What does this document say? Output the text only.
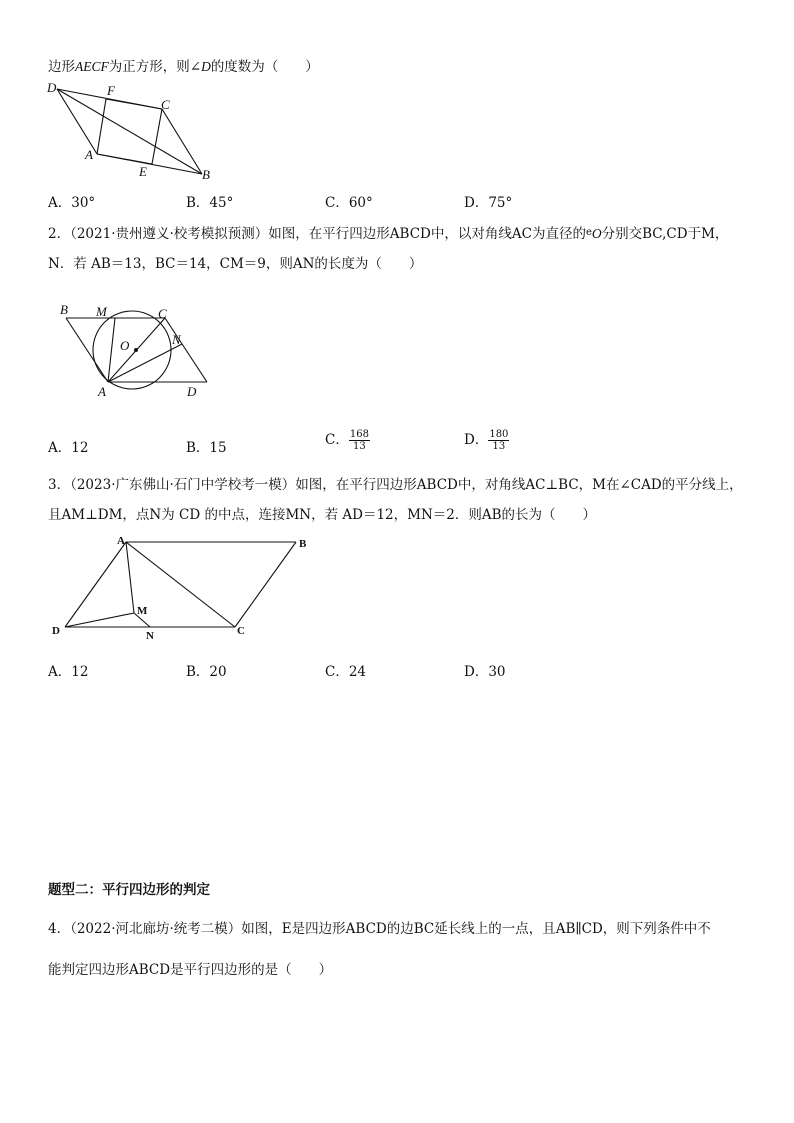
边形AECF为正方形，则∠D的度数为（　　）
D	F
C
A
E	B
A．30°	B．45°	C．60°	D．75°
2．（2021·贵州遵义·校考模拟预测）如图，在平行四边形ABCD中，以对角线AC为直径的$^e$O分别交BC,CD于M，
N．若 AB＝13，BC＝14，CM＝9，则AN的长度为（　　）
B M	C
O	N
A	D
A．12	B．15	C． $\frac{168}{13}$	D． $\frac{180}{13}$
3．（2023·广东佛山·石门中学校考一模）如图，在平行四边形ABCD中，对角线AC⊥BC，M在∠CAD的平分线上，
且AM⊥DM，点N为 CD 的中点，连接MN，若 AD＝12，MN＝2．则AB的长为（　　）
A	B
M
D	N	C
A．12	B．20	C．24	D．30
题型二：平行四边形的判定
4．（2022·河北廊坊·统考二模）如图，E是四边形ABCD的边BC延长线上的一点，且AB∥CD，则下列条件中不
能判定四边形ABCD是平行四边形的是（　　）
